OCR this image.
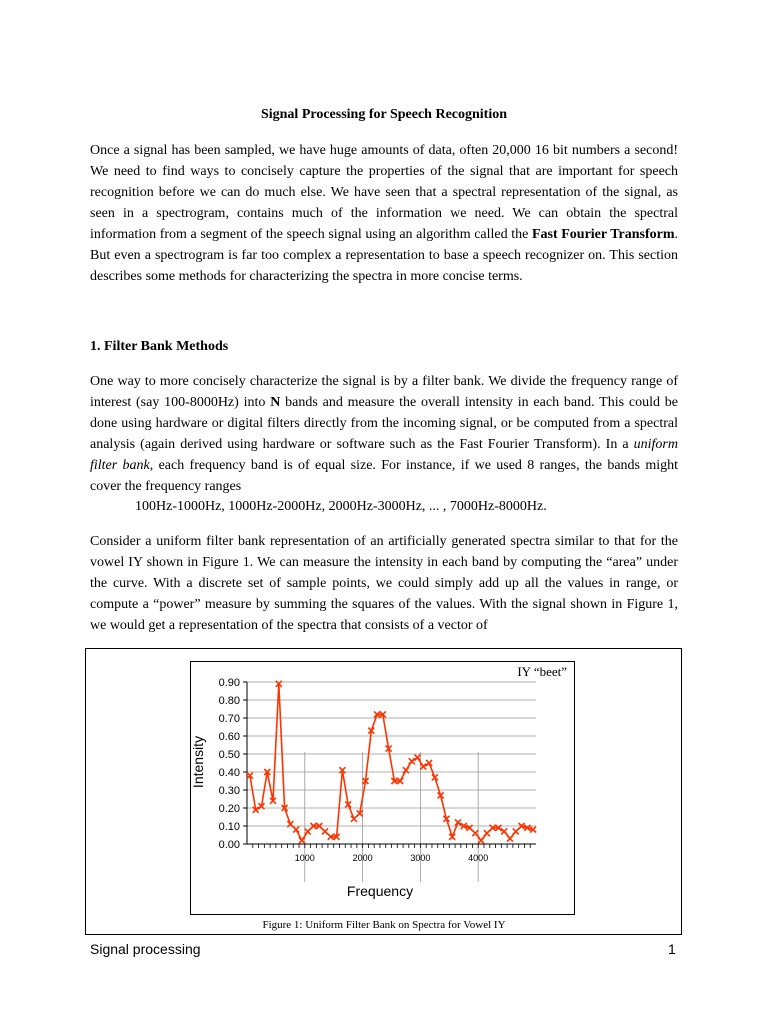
Signal Processing for Speech Recognition

Once a signal has been sampled, we have huge amounts of data, often 20,000 16 bit numbers a second! We need to find ways to concisely capture the properties of the signal that are important for speech recognition before we can do much else. We have seen that a spectral representation of the signal, as seen in a spectrogram, contains much of the information we need. We can obtain the spectral information from a segment of the speech signal using an algorithm called the Fast Fourier Transform. But even a spectrogram is far too complex a representation to base a speech recognizer on. This section describes some methods for characterizing the spectra in more concise terms.

1. Filter Bank Methods

One way to more concisely characterize the signal is by a filter bank. We divide the frequency range of interest (say 100-8000Hz) into N bands and measure the overall intensity in each band. This could be done using hardware or digital filters directly from the incoming signal, or be computed from a spectral analysis (again derived using hardware or software such as the Fast Fourier Transform). In a uniform filter bank, each frequency band is of equal size. For instance, if we used 8 ranges, the bands might cover the frequency ranges

100Hz-1000Hz, 1000Hz-2000Hz, 2000Hz-3000Hz, ... , 7000Hz-8000Hz.

Consider a uniform filter bank representation of an artificially generated spectra similar to that for the vowel IY shown in Figure 1. We can measure the intensity in each band by computing the “area” under the curve. With a discrete set of sample points, we could simply add up all the values in range, or compute a “power” measure by summing the squares of the values. With the signal shown in Figure 1, we would get a representation of the spectra that consists of a vector of

0.00
0.10
0.20
0.30
0.40
0.50
0.60
0.70
0.80
0.90
1000	2000	3000	4000
IY “beet”
Frequency
Intensity
Figure 1: Uniform Filter Bank on Spectra for Vowel IY
Signal processing	1
